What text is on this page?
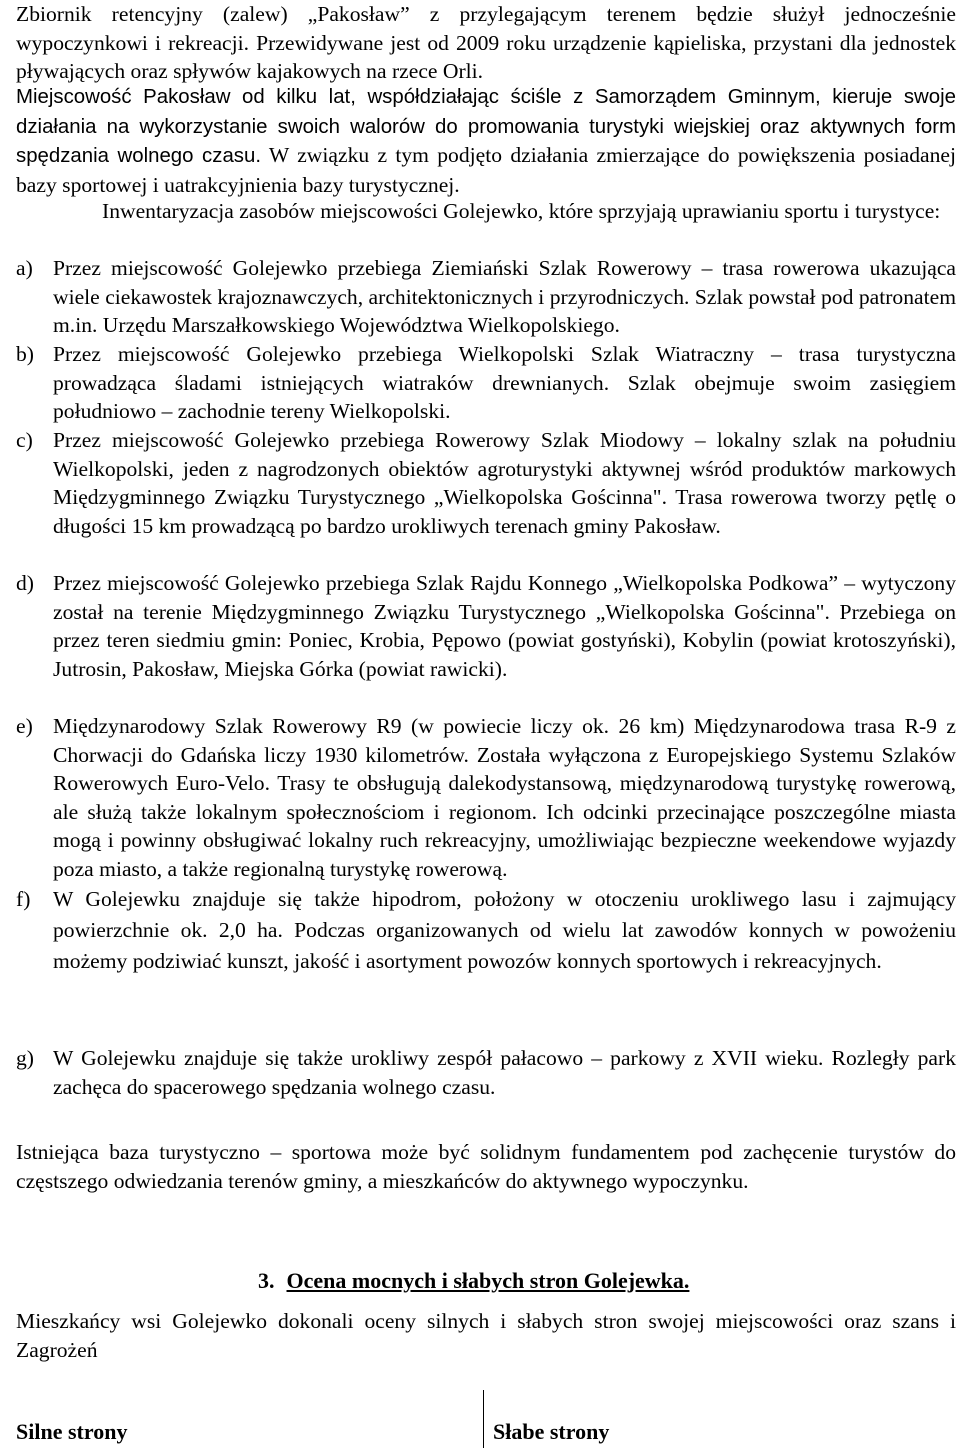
Zbiornik retencyjny (zalew) „Pakosław” z przylegającym terenem będzie służył jednocześnie wypoczynkowi i rekreacji. Przewidywane jest od 2009 roku urządzenie kąpieliska, przystani dla jednostek pływających oraz spływów kajakowych na rzece Orli.

Miejscowość Pakosław od kilku lat, współdziałając ściśle z Samorządem Gminnym, kieruje swoje działania na wykorzystanie swoich walorów do promowania turystyki wiejskiej oraz aktywnych form spędzania wolnego czasu. W związku z tym podjęto działania zmierzające do powiększenia posiadanej bazy sportowej i uatrakcyjnienia bazy turystycznej.

Inwentaryzacja zasobów miejscowości Golejewko, które sprzyjają uprawianiu sportu i turystyce:

a) Przez miejscowość Golejewko przebiega Ziemiański Szlak Rowerowy – trasa rowerowa ukazująca wiele ciekawostek krajoznawczych, architektonicznych i przyrodniczych. Szlak powstał pod patronatem m.in. Urzędu Marszałkowskiego Województwa Wielkopolskiego.
b) Przez miejscowość Golejewko przebiega Wielkopolski Szlak Wiatraczny – trasa turystyczna prowadząca śladami istniejących wiatraków drewnianych. Szlak obejmuje swoim zasięgiem południowo – zachodnie tereny Wielkopolski.
c) Przez miejscowość Golejewko przebiega Rowerowy Szlak Miodowy – lokalny szlak na południu Wielkopolski, jeden z nagrodzonych obiektów agroturystyki aktywnej wśród produktów markowych Międzygminnego Związku Turystycznego „Wielkopolska Gościnna". Trasa rowerowa tworzy pętlę o długości 15 km prowadzącą po bardzo urokliwych terenach gminy Pakosław.
d) Przez miejscowość Golejewko przebiega Szlak Rajdu Konnego „Wielkopolska Podkowa” – wytyczony został na terenie Międzygminnego Związku Turystycznego „Wielkopolska Gościnna". Przebiega on przez teren siedmiu gmin: Poniec, Krobia, Pępowo (powiat gostyński), Kobylin (powiat krotoszyński), Jutrosin, Pakosław, Miejska Górka (powiat rawicki).
e) Międzynarodowy Szlak Rowerowy R9 (w powiecie liczy ok. 26 km) Międzynarodowa trasa R-9 z Chorwacji do Gdańska liczy 1930 kilometrów. Została wyłączona z Europejskiego Systemu Szlaków Rowerowych Euro-Velo. Trasy te obsługują dalekodystansową, międzynarodową turystykę rowerową, ale służą także lokalnym społecznościom i regionom. Ich odcinki przecinające poszczególne miasta mogą i powinny obsługiwać lokalny ruch rekreacyjny, umożliwiając bezpieczne weekendowe wyjazdy poza miasto, a także regionalną turystykę rowerową.
f) W Golejewku znajduje się także hipodrom, położony w otoczeniu urokliwego lasu i zajmujący powierzchnie ok. 2,0 ha. Podczas organizowanych od wielu lat zawodów konnych w powożeniu możemy podziwiać kunszt, jakość i asortyment powozów konnych sportowych i rekreacyjnych.
g) W Golejewku znajduje się także urokliwy zespół pałacowo – parkowy z XVII wieku. Rozległy park zachęca do spacerowego spędzania wolnego czasu.

Istniejąca baza turystyczno – sportowa może być solidnym fundamentem pod zachęcenie turystów do częstszego odwiedzania terenów gminy, a mieszkańców do aktywnego wypoczynku.

3. Ocena mocnych i słabych stron Golejewka.

Mieszkańcy wsi Golejewko dokonali oceny silnych i słabych stron swojej miejscowości oraz szans i Zagrożeń

Silne strony	Słabe strony
